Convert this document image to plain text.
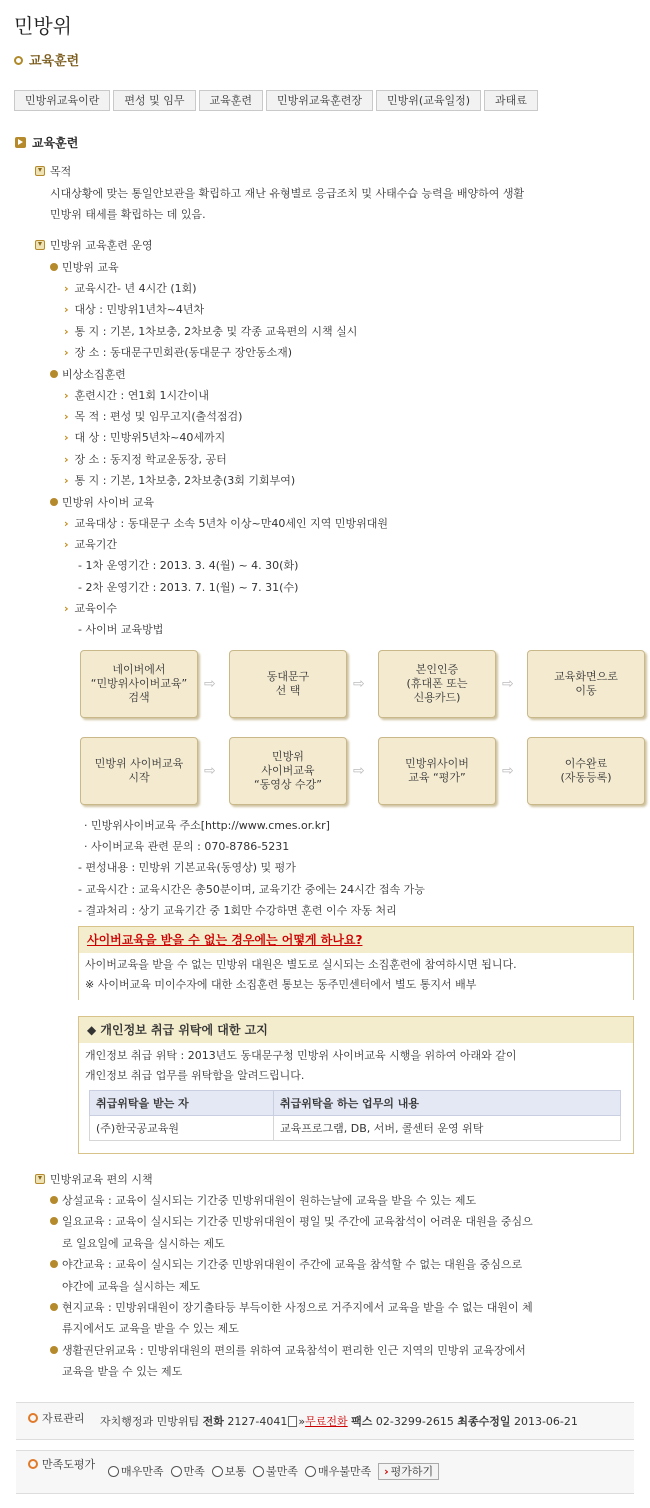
민방위
교육훈련
민방위교육이란	편성 및 임무	교육훈련	민방위교육훈련장	민방위(교육일정)	과태료
교육훈련
목적
시대상황에 맞는 통일안보관을 확립하고 재난 유형별로 응급조치 및 사태수습 능력을 배양하여 생활
민방위 태세를 확립하는 데 있음.
민방위 교육훈련 운영
민방위 교육
› 교육시간- 년 4시간 (1회)
› 대상 : 민방위1년차~4년차
› 통 지 : 기본, 1차보충, 2차보충 및 각종 교육편의 시책 실시
› 장 소 : 동대문구민회관(동대문구 장안동소재)
비상소집훈련
› 훈련시간 : 연1회 1시간이내
› 목 적 : 편성 및 임무고지(출석점검)
› 대 상 : 민방위5년차~40세까지
› 장 소 : 동지정 학교운동장, 공터
› 통 지 : 기본, 1차보충, 2차보충(3회 기회부여)
민방위 사이버 교육
› 교육대상 : 동대문구 소속 5년차 이상~만40세인 지역 민방위대원
› 교육기간
- 1차 운영기간 : 2013. 3. 4(월) ~ 4. 30(화)
- 2차 운영기간 : 2013. 7. 1(월) ~ 7. 31(수)
› 교육이수
- 사이버 교육방법
네이버에서
“민방위사이버교육”
검색
⇨	동대문구
선 택	⇨
본인인증
(휴대폰 또는
신용카드)
⇨	교육화면으로
이동
민방위 사이버교육
시작	⇨
민방위
사이버교육
“동영상 수강”
⇨	민방위사이버
교육 “평가”	⇨	이수완료
(자동등록)
· 민방위사이버교육 주소[http://www.cmes.or.kr]
· 사이버교육 관련 문의 : 070-8786-5231
- 편성내용 : 민방위 기본교육(동영상) 및 평가
- 교육시간 : 교육시간은 총50분이며, 교육기간 중에는 24시간 접속 가능
- 결과처리 : 상기 교육기간 중 1회만 수강하면 훈련 이수 자동 처리
사이버교육을 받을 수 없는 경우에는 어떻게 하나요?
사이버교육을 받을 수 없는 민방위 대원은 별도로 실시되는 소집훈련에 참여하시면 됩니다.
※ 사이버교육 미이수자에 대한 소집훈련 통보는 동주민센터에서 별도 통지서 배부
◆ 개인정보 취급 위탁에 대한 고지
개인정보 취급 위탁 : 2013년도 동대문구청 민방위 사이버교육 시행을 위하여 아래와 같이
개인정보 취급 업무를 위탁함을 알려드립니다.
취급위탁을 받는 자	취급위탁을 하는 업무의 내용
(주)한국공교육원	교육프로그램, DB, 서버, 콜센터 운영 위탁
민방위교육 편의 시책
상설교육 : 교육이 실시되는 기간중 민방위대원이 원하는날에 교육을 받을 수 있는 제도
일요교육 : 교육이 실시되는 기간중 민방위대원이 평일 및 주간에 교육참석이 어려운 대원을 중심으
로 일요일에 교육을 실시하는 제도
야간교육 : 교육이 실시되는 기간중 민방위대원이 주간에 교육을 참석할 수 없는 대원을 중심으로
야간에 교육을 실시하는 제도
현지교육 : 민방위대원이 장기출타등 부득이한 사정으로 거주지에서 교육을 받을 수 없는 대원이 체
류지에서도 교육을 받을 수 있는 제도
생활권단위교육 : 민방위대원의 편의를 위하여 교육참석이 편리한 인근 지역의 민방위 교육장에서
교육을 받을 수 있는 제도
자료관리 자치행정과 민방위팀 전화 2127-4041 »무료전화 팩스 02-3299-2615 최종수정일 2013-06-21
만족도평가
매우만족 만족 보통 불만족 매우불만족 › 평가하기
